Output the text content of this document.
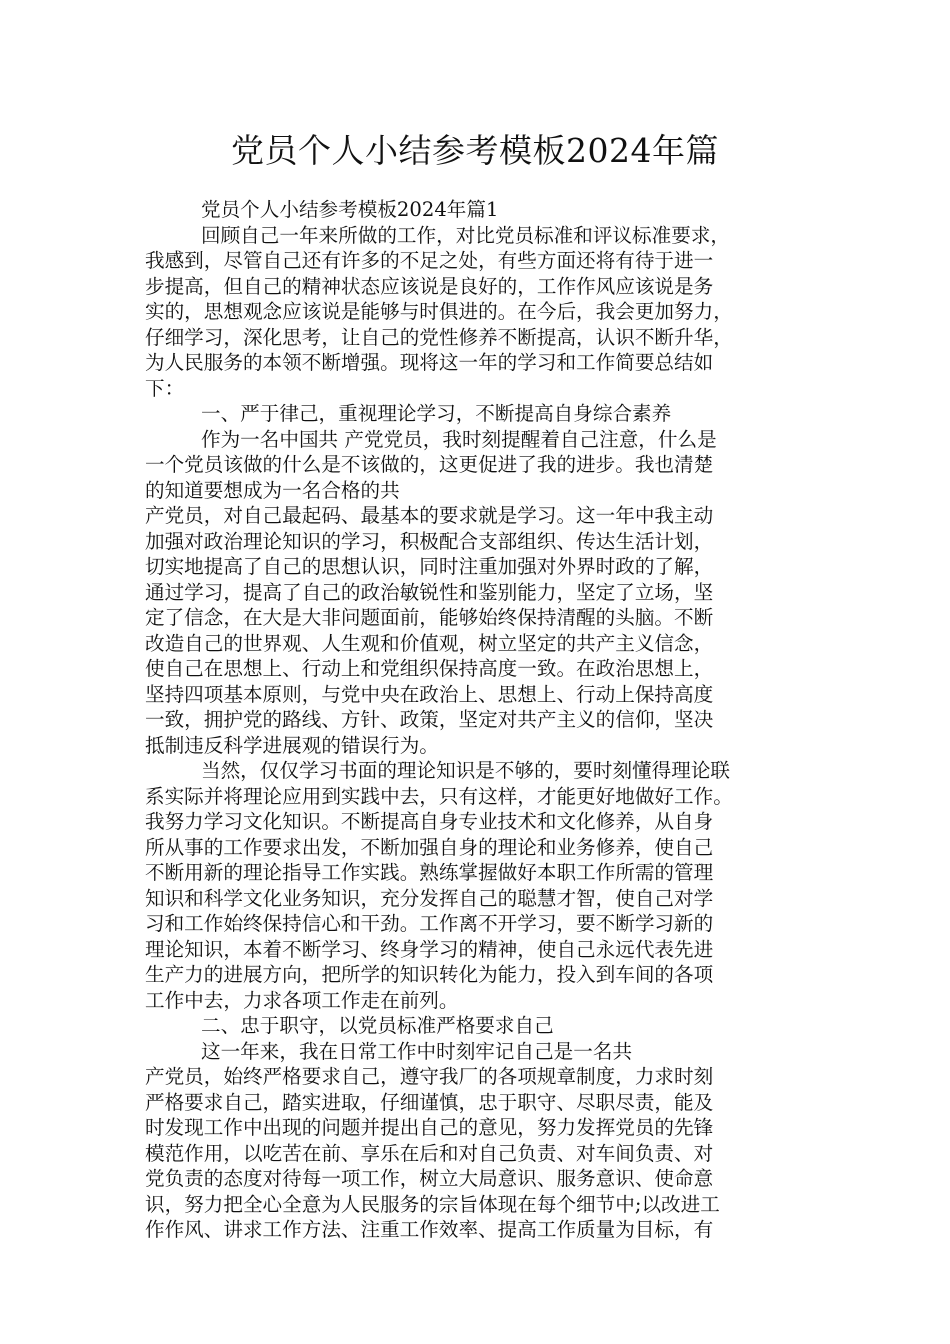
党员个人小结参考模板2024年篇
党员个人小结参考模板2024年篇1
回顾自己一年来所做的工作，对比党员标准和评议标准要求，
我感到，尽管自己还有许多的不足之处，有些方面还将有待于进一
步提高，但自己的精神状态应该说是良好的，工作作风应该说是务
实的，思想观念应该说是能够与时俱进的。在今后，我会更加努力，
仔细学习，深化思考，让自己的党性修养不断提高，认识不断升华，
为人民服务的本领不断增强。现将这一年的学习和工作简要总结如
下：
一、严于律己，重视理论学习，不断提高自身综合素养
作为一名中国共 产党党员，我时刻提醒着自己注意，什么是
一个党员该做的什么是不该做的，这更促进了我的进步。我也清楚
的知道要想成为一名合格的共
产党员，对自己最起码、最基本的要求就是学习。这一年中我主动
加强对政治理论知识的学习，积极配合支部组织、传达生活计划，
切实地提高了自己的思想认识，同时注重加强对外界时政的了解，
通过学习，提高了自己的政治敏锐性和鉴别能力，坚定了立场，坚
定了信念，在大是大非问题面前，能够始终保持清醒的头脑。不断
改造自己的世界观、人生观和价值观，树立坚定的共产主义信念，
使自己在思想上、行动上和党组织保持高度一致。在政治思想上，
坚持四项基本原则，与党中央在政治上、思想上、行动上保持高度
一致，拥护党的路线、方针、政策，坚定对共产主义的信仰，坚决
抵制违反科学进展观的错误行为。
当然，仅仅学习书面的理论知识是不够的，要时刻懂得理论联
系实际并将理论应用到实践中去，只有这样，才能更好地做好工作。
我努力学习文化知识。不断提高自身专业技术和文化修养，从自身
所从事的工作要求出发，不断加强自身的理论和业务修养，使自己
不断用新的理论指导工作实践。熟练掌握做好本职工作所需的管理
知识和科学文化业务知识，充分发挥自己的聪慧才智，使自己对学
习和工作始终保持信心和干劲。工作离不开学习，要不断学习新的
理论知识，本着不断学习、终身学习的精神，使自己永远代表先进
生产力的进展方向，把所学的知识转化为能力，投入到车间的各项
工作中去，力求各项工作走在前列。
二、忠于职守，以党员标准严格要求自己
这一年来，我在日常工作中时刻牢记自己是一名共
产党员，始终严格要求自己，遵守我厂的各项规章制度，力求时刻
严格要求自己，踏实进取，仔细谨慎，忠于职守、尽职尽责，能及
时发现工作中出现的问题并提出自己的意见，努力发挥党员的先锋
模范作用，以吃苦在前、享乐在后和对自己负责、对车间负责、对
党负责的态度对待每一项工作，树立大局意识、服务意识、使命意
识，努力把全心全意为人民服务的宗旨体现在每个细节中;以改进工
作作风、讲求工作方法、注重工作效率、提高工作质量为目标，有
